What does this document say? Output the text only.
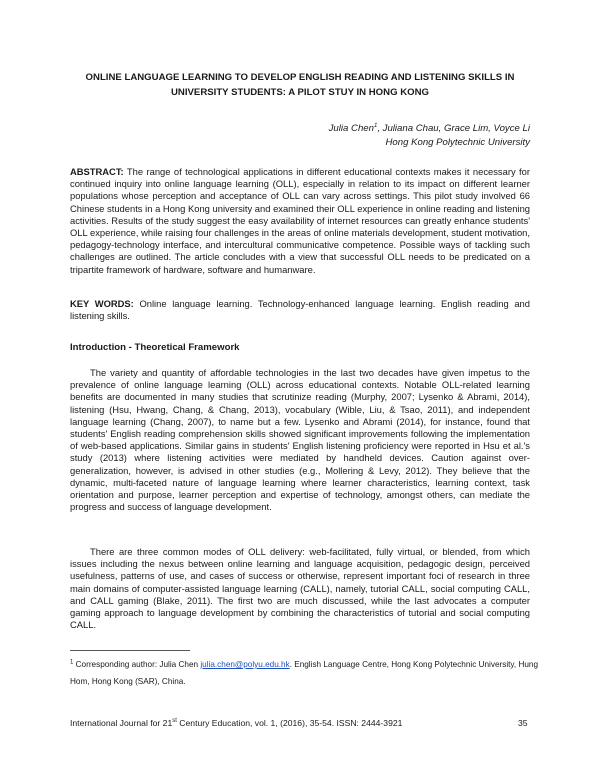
ONLINE LANGUAGE LEARNING TO DEVELOP ENGLISH READING AND LISTENING SKILLS IN UNIVERSITY STUDENTS: A PILOT STUY IN HONG KONG
Julia Chen$^1$, Juliana Chau, Grace Lim, Voyce Li
Hong Kong Polytechnic University
ABSTRACT: The range of technological applications in different educational contexts makes it necessary for continued inquiry into online language learning (OLL), especially in relation to its impact on different learner populations whose perception and acceptance of OLL can vary across settings. This pilot study involved 66 Chinese students in a Hong Kong university and examined their OLL experience in online reading and listening activities. Results of the study suggest the easy availability of internet resources can greatly enhance students' OLL experience, while raising four challenges in the areas of online materials development, student motivation, pedagogy-technology interface, and intercultural communicative competence. Possible ways of tackling such challenges are outlined. The article concludes with a view that successful OLL needs to be predicated on a tripartite framework of hardware, software and humanware.
KEY WORDS: Online language learning. Technology-enhanced language learning. English reading and listening skills.
Introduction - Theoretical Framework
The variety and quantity of affordable technologies in the last two decades have given impetus to the prevalence of online language learning (OLL) across educational contexts. Notable OLL-related learning benefits are documented in many studies that scrutinize reading (Murphy, 2007; Lysenko & Abrami, 2014), listening (Hsu, Hwang, Chang, & Chang, 2013), vocabulary (Wible, Liu, & Tsao, 2011), and independent language learning (Chang, 2007), to name but a few. Lysenko and Abrami (2014), for instance, found that students' English reading comprehension skills showed significant improvements following the implementation of web-based applications. Similar gains in students' English listening proficiency were reported in Hsu et al.'s study (2013) where listening activities were mediated by handheld devices. Caution against over-generalization, however, is advised in other studies (e.g., Mollering & Levy, 2012). They believe that the dynamic, multi-faceted nature of language learning where learner characteristics, learning context, task orientation and purpose, learner perception and expertise of technology, amongst others, can mediate the progress and success of language development.
There are three common modes of OLL delivery: web-facilitated, fully virtual, or blended, from which issues including the nexus between online learning and language acquisition, pedagogic design, perceived usefulness, patterns of use, and cases of success or otherwise, represent important foci of research in three main domains of computer-assisted language learning (CALL), namely, tutorial CALL, social computing CALL, and CALL gaming (Blake, 2011). The first two are much discussed, while the last advocates a computer gaming approach to language development by combining the characteristics of tutorial and social computing CALL.
$^1$ Corresponding author: Julia Chen julia.chen@polyu.edu.hk. English Language Centre, Hong Kong Polytechnic University, Hung Hom, Hong Kong (SAR), China.
International Journal for 21st Century Education, vol. 1, (2016), 35-54. ISSN: 2444-3921	35
